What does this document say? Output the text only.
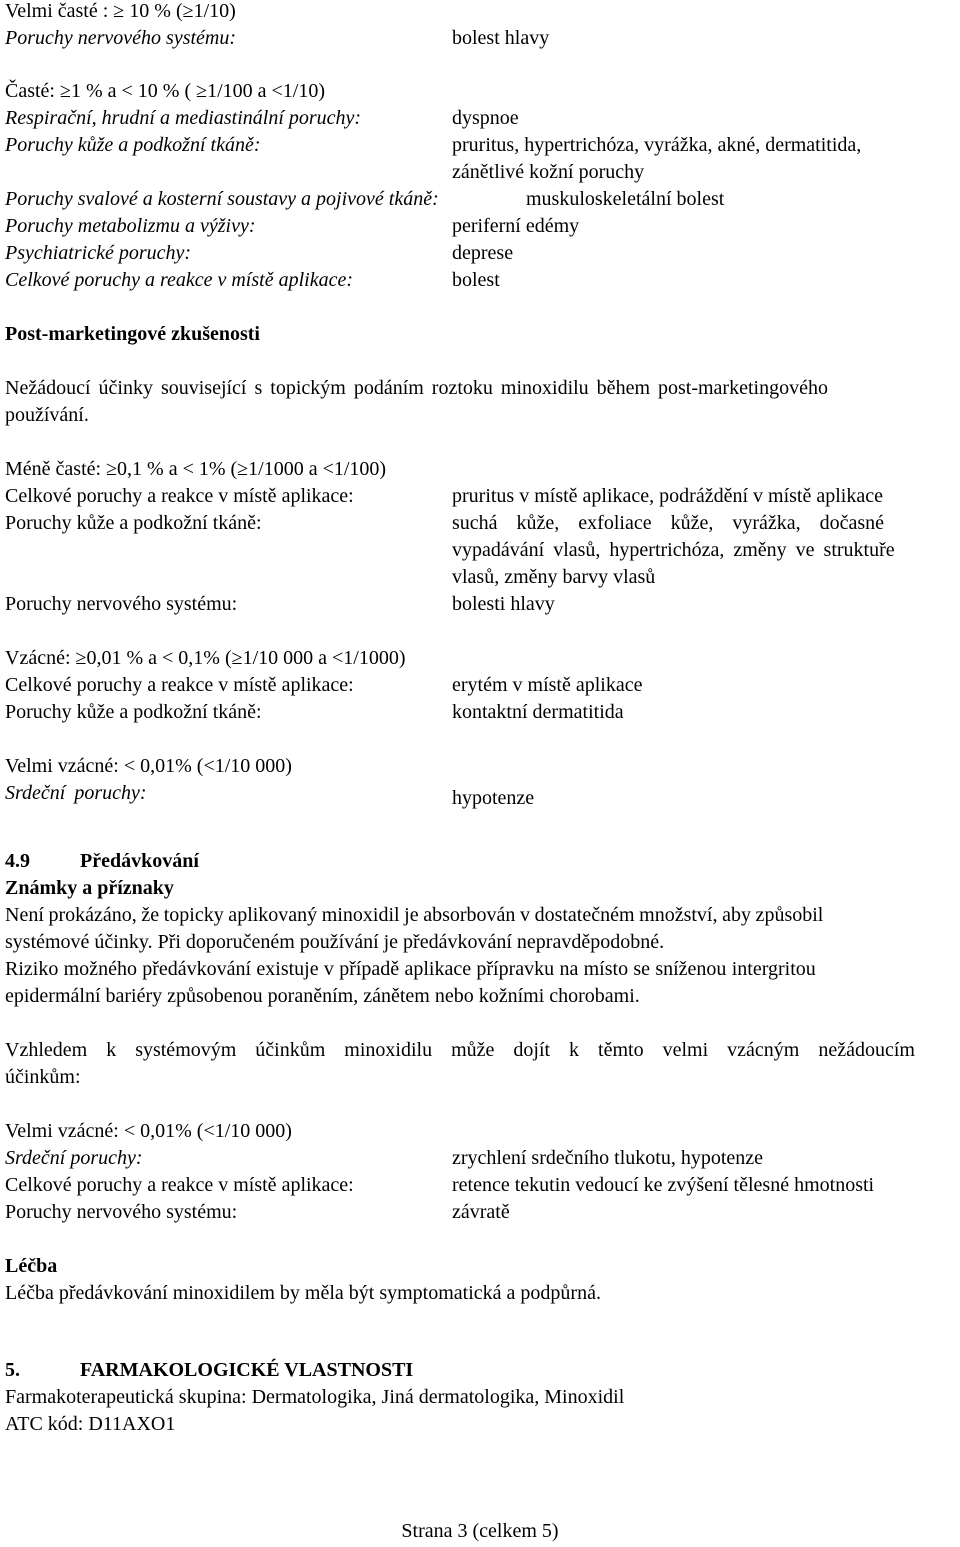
Velmi časté : ≥ 10 % (≥1/10)
Poruchy nervového systému:	bolest hlavy
Časté: ≥1 % a < 10 % ( ≥1/100 a <1/10)
Respirační, hrudní a mediastinální poruchy:	dyspnoe
Poruchy kůže a podkožní tkáně:	pruritus, hypertrichóza, vyrážka, akné, dermatitida,
zánětlivé kožní poruchy
Poruchy svalové a kosterní soustavy a pojivové tkáně:	muskuloskeletální bolest
Poruchy metabolizmu a výživy:	periferní edémy
Psychiatrické poruchy:	deprese
Celkové poruchy a reakce v místě aplikace:	bolest
Post-marketingové zkušenosti
Nežádoucí účinky související s topickým podáním roztoku minoxidilu během post-marketingového
používání.
Méně časté: ≥0,1 % a < 1% (≥1/1000 a <1/100)
Celkové poruchy a reakce v místě aplikace:	pruritus v místě aplikace, podráždění v místě aplikace
Poruchy kůže a podkožní tkáně:	suchá kůže, exfoliace kůže, vyrážka, dočasné
vypadávání vlasů, hypertrichóza, změny ve struktuře
vlasů, změny barvy vlasů
Poruchy nervového systému:	bolesti hlavy
Vzácné: ≥0,01 % a < 0,1% (≥1/10 000 a <1/1000)
Celkové poruchy a reakce v místě aplikace:	erytém v místě aplikace
Poruchy kůže a podkožní tkáně:	kontaktní dermatitida
Velmi vzácné: < 0,01% (<1/10 000)
Srdeční poruchy:	hypotenze
4.9	Předávkování
Známky a příznaky
Není prokázáno, že topicky aplikovaný minoxidil je absorbován v dostatečném množství, aby způsobil
systémové účinky. Při doporučeném používání je předávkování nepravděpodobné.
Riziko možného předávkování existuje v případě aplikace přípravku na místo se sníženou intergritou
epidermální bariéry způsobenou poraněním, zánětem nebo kožními chorobami.
Vzhledem k systémovým účinkům minoxidilu může dojít k těmto velmi vzácným nežádoucím
účinkům:
Velmi vzácné: < 0,01% (<1/10 000)
Srdeční poruchy:	zrychlení srdečního tlukotu, hypotenze
Celkové poruchy a reakce v místě aplikace:	retence tekutin vedoucí ke zvýšení tělesné hmotnosti
Poruchy nervového systému:	závratě
Léčba
Léčba předávkování minoxidilem by měla být symptomatická a podpůrná.
5.	FARMAKOLOGICKÉ VLASTNOSTI
Farmakoterapeutická skupina: Dermatologika, Jiná dermatologika, Minoxidil
ATC kód: D11AXO1
Strana 3 (celkem 5)
